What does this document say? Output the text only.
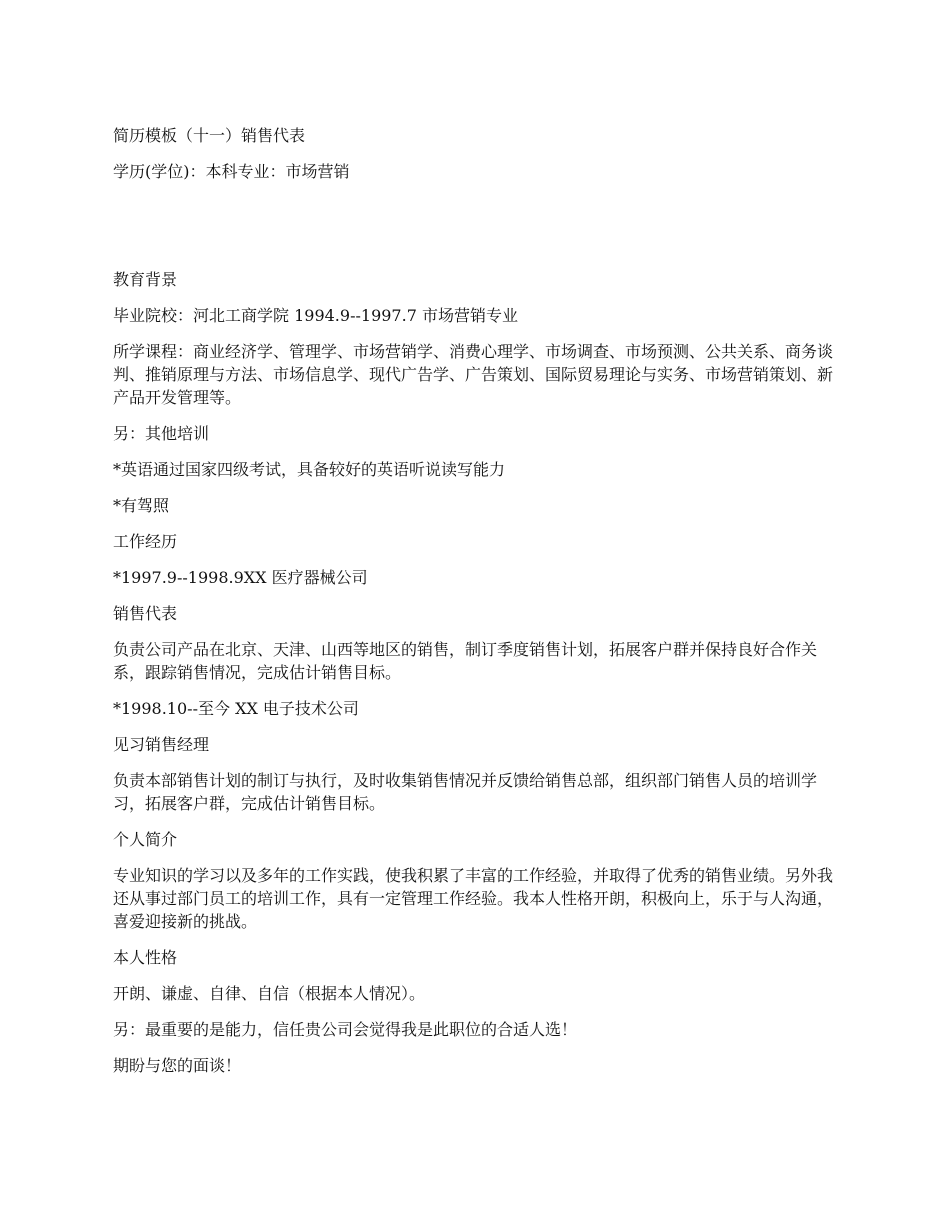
简历模板（十一）销售代表

学历(学位)：本科专业：市场营销

教育背景

毕业院校：河北工商学院 1994.9--1997.7 市场营销专业

所学课程：商业经济学、管理学、市场营销学、消费心理学、市场调查、市场预测、公共关系、商务谈判、推销原理与方法、市场信息学、现代广告学、广告策划、国际贸易理论与实务、市场营销策划、新产品开发管理等。

另：其他培训

*英语通过国家四级考试，具备较好的英语听说读写能力

*有驾照

工作经历

*1997.9--1998.9XX 医疗器械公司

销售代表

负责公司产品在北京、天津、山西等地区的销售，制订季度销售计划，拓展客户群并保持良好合作关系，跟踪销售情况，完成估计销售目标。

*1998.10--至今 XX 电子技术公司

见习销售经理

负责本部销售计划的制订与执行，及时收集销售情况并反馈给销售总部，组织部门销售人员的培训学习，拓展客户群，完成估计销售目标。

个人简介

专业知识的学习以及多年的工作实践，使我积累了丰富的工作经验，并取得了优秀的销售业绩。另外我还从事过部门员工的培训工作，具有一定管理工作经验。我本人性格开朗，积极向上，乐于与人沟通，喜爱迎接新的挑战。

本人性格

开朗、谦虚、自律、自信（根据本人情况）。

另：最重要的是能力，信任贵公司会觉得我是此职位的合适人选！

期盼与您的面谈！
